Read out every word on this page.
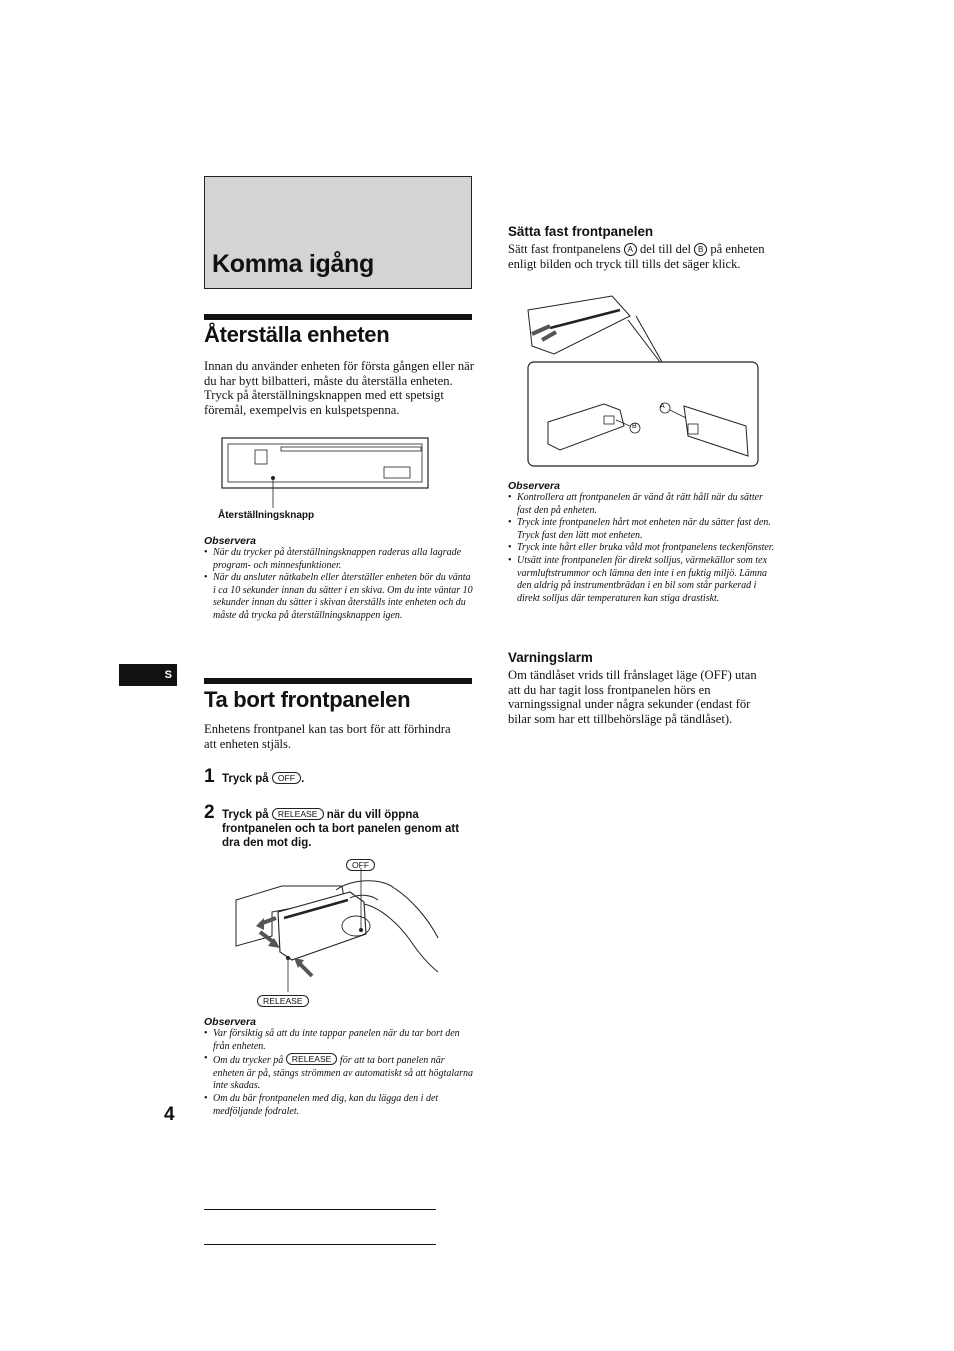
Komma igång
Återställa enheten

Innan du använder enheten för första gången eller när du har bytt bilbatteri, måste du återställa enheten.

Tryck på återställningsknappen med ett spetsigt föremål, exempelvis en kulspetspenna.

Återställningsknapp
Observera
• När du trycker på återställningsknappen raderas alla lagrade program- och minnesfunktioner.
• När du ansluter nätkabeln eller återställer enheten bör du vänta i ca 10 sekunder innan du sätter i en skiva. Om du inte väntar 10 sekunder innan du sätter i skivan återställs inte enheten och du måste då trycka på återställningsknappen igen.
S
Ta bort frontpanelen

Enhetens frontpanel kan tas bort för att förhindra att enheten stjäls.

1 Tryck på OFF .
2 Tryck på RELEASE när du vill öppna frontpanelen och ta bort panelen genom att dra den mot dig.
OFF
RELEASE
Observera
• Var försiktig så att du inte tappar panelen när du tar bort den från enheten.
• Om du trycker på RELEASE för att ta bort panelen när enheten är på, stängs strömmen av automatiskt så att högtalarna inte skadas.
• Om du bär frontpanelen med dig, kan du lägga den i det medföljande fodralet.
4
Sätta fast frontpanelen

Sätt fast frontpanelens A del till del B på enheten enligt bilden och tryck till tills det säger klick.

A
B
Observera
• Kontrollera att frontpanelen är vänd åt rätt håll när du sätter fast den på enheten.
• Tryck inte frontpanelen hårt mot enheten när du sätter fast den. Tryck fast den lätt mot enheten.
• Tryck inte hårt eller bruka våld mot frontpanelens teckenfönster.
• Utsätt inte frontpanelen för direkt solljus, värmekällor som tex varmluftstrummor och lämna den inte i en fuktig miljö. Lämna den aldrig på instrumentbrädan i en bil som står parkerad i direkt solljus där temperaturen kan stiga drastiskt.
Varningslarm

Om tändlåset vrids till frånslaget läge (OFF) utan att du har tagit loss frontpanelen hörs en varningssignal under några sekunder (endast för bilar som har ett tillbehörsläge på tändlåset).
